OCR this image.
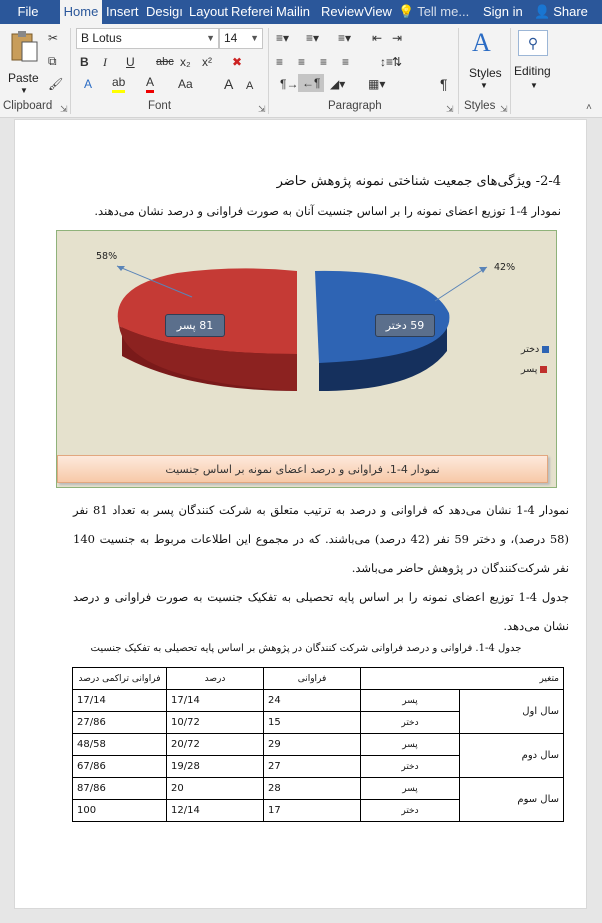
File	Home Insert Desigı Layout Referei Mailin Review View 💡 Tell me...	Sign in 👤 Share
Paste
▼
✂
⧉
🖌
Clipboard ⇲
B Lotus	▼ 14 ▼
B I U abc x₂ x² ✖
A ab A Aa A A
Font	⇲
≡▾ ≡▾ ≡▾ ⇤ ⇥
≡ ≡ ≡ ≡	↕≡
¶→ ←¶ ◢▾ ▦▾
⇅
¶
Paragraph	⇲
A
Styles
▼
Styles ⇲
⚲
Editing
▼
˄
2-4- ویژگی‌های جمعیت شناختی نمونه پژوهش حاضر
نمودار 4-1 توزیع اعضای نمونه را بر اساس جنسیت آنان به صورت فراوانی و درصد نشان می‌دهند.
58%
42%
81 پسر	59 دختر
دختر
پسر
نمودار 4-1. فراوانی و درصد اعضای نمونه بر اساس جنسیت
نمودار 4-1 نشان می‌دهد که فراوانی و درصد به ترتیب متعلق به شرکت کنندگان پسر به تعداد 81 نفر (58 درصد)، و دختر 59 نفر (42 درصد) می‌باشند. که در مجموع این اطلاعات مربوط به جنسیت 140 نفر شرکت‌کنندگان در پژوهش حاضر می‌باشد.
جدول 4-1 توزیع اعضای نمونه را بر اساس پایه تحصیلی به تفکیک جنسیت به صورت فراوانی و درصد نشان می‌دهد.
جدول 4-1. فراوانی و درصد فراوانی شرکت کنندگان در پژوهش بر اساس پایه تحصیلی به تفکیک جنسیت
متغیر		فراوانی	درصد	فراوانی تراکمی درصد
سال اول	پسر	24	17/14	17/14
	دختر	15	10/72	27/86
سال دوم	پسر	29	20/72	48/58
	دختر	27	19/28	67/86
سال سوم	پسر	28	20	87/86
	دختر	17	12/14	100
